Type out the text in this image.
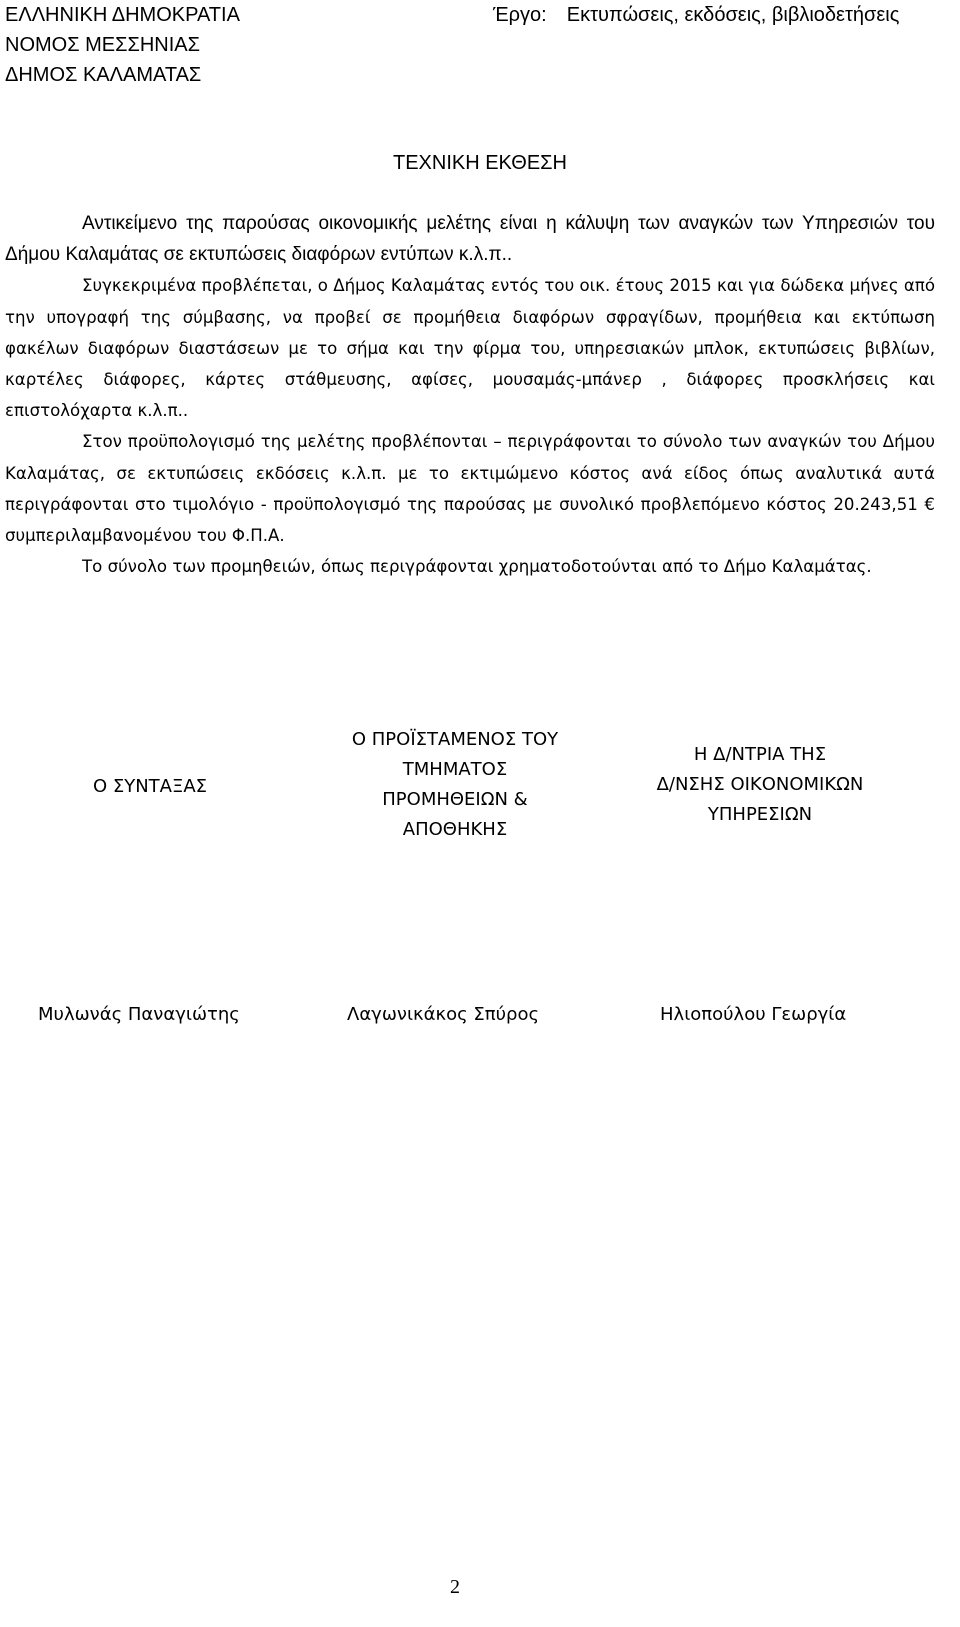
ΕΛΛΗΝΙΚΗ ΔΗΜΟΚΡΑΤΙΑ
ΝΟΜΟΣ ΜΕΣΣΗΝΙΑΣ
ΔΗΜΟΣ ΚΑΛΑΜΑΤΑΣ
Έργο: Εκτυπώσεις, εκδόσεις, βιβλιοδετήσεις
ΤΕΧΝΙΚΗ ΕΚΘΕΣΗ

Αντικείμενο της παρούσας οικονομικής μελέτης είναι η κάλυψη των αναγκών των Υπηρεσιών του Δήμου Καλαμάτας σε εκτυπώσεις διαφόρων εντύπων κ.λ.π..

Συγκεκριμένα προβλέπεται, ο Δήμος Καλαμάτας εντός του οικ. έτους 2015 και για δώδεκα μήνες από την υπογραφή της σύμβασης, να προβεί σε προμήθεια διαφόρων σφραγίδων, προμήθεια και εκτύπωση φακέλων διαφόρων διαστάσεων με το σήμα και την φίρμα του, υπηρεσιακών μπλοκ, εκτυπώσεις βιβλίων, καρτέλες διάφορες, κάρτες στάθμευσης, αφίσες, μουσαμάς-μπάνερ , διάφορες προσκλήσεις και επιστολόχαρτα κ.λ.π..

Στον προϋπολογισμό της μελέτης προβλέπονται – περιγράφονται το σύνολο των αναγκών του Δήμου Καλαμάτας, σε εκτυπώσεις εκδόσεις κ.λ.π. με το εκτιμώμενο κόστος ανά είδος όπως αναλυτικά αυτά περιγράφονται στο τιμολόγιο - προϋπολογισμό της παρούσας με συνολικό προβλεπόμενο κόστος 20.243,51 € συμπεριλαμβανομένου του Φ.Π.Α.

Το σύνολο των προμηθειών, όπως περιγράφονται χρηματοδοτούνται από το Δήμο Καλαμάτας.

Ο ΣΥΝΤΑΞΑΣ
Ο ΠΡΟΪΣΤΑΜΕΝΟΣ ΤΟΥ
ΤΜΗΜΑΤΟΣ
ΠΡΟΜΗΘΕΙΩΝ &
ΑΠΟΘΗΚΗΣ
Η Δ/ΝΤΡΙΑ ΤΗΣ
Δ/ΝΣΗΣ ΟΙΚΟΝΟΜΙΚΩΝ
ΥΠΗΡΕΣΙΩΝ
Μυλωνάς Παναγιώτης	Λαγωνικάκος Σπύρος	Ηλιοπούλου Γεωργία
2
